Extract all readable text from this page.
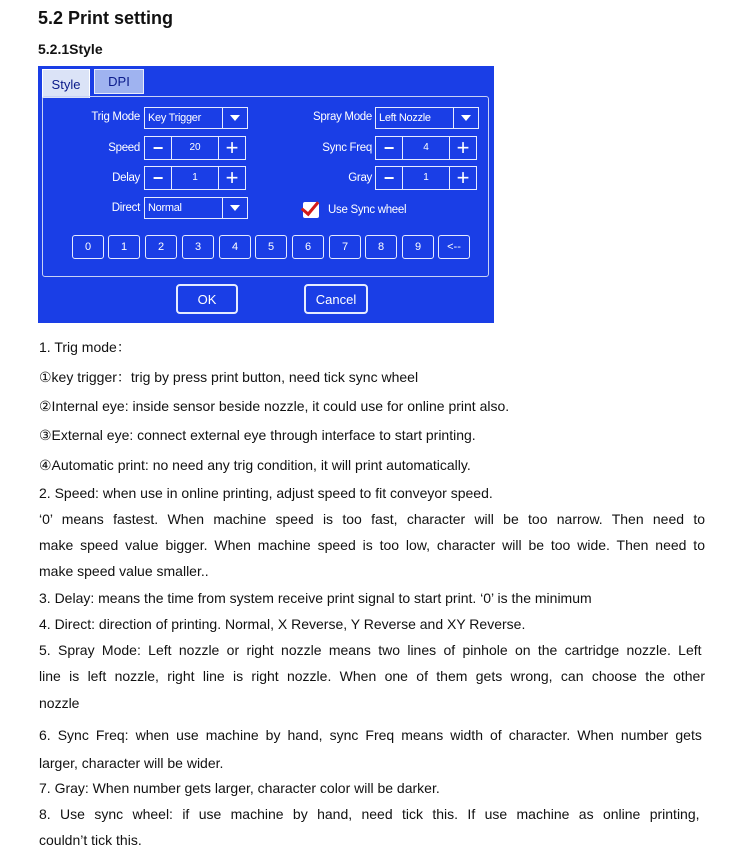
5.2 Print setting
5.2.1Style
Style	DPI
Trig Mode Key Trigger	Spray Mode Left Nozzle
Speed −	20	+	Sync Freq −	4	+
Delay −	1	+	Gray −	1	+
Direct Normal	Use Sync wheel
0	1	2	3	4	5	6	7	8	9	<--
OK	Cancel
1. Trig mode：
①key trigger：trig by press print button, need tick sync wheel
②Internal eye: inside sensor beside nozzle, it could use for online print also.
③External eye: connect external eye through interface to start printing.
④Automatic print: no need any trig condition, it will print automatically.
2. Speed: when use in online printing, adjust speed to fit conveyor speed.
‘0’ means fastest. When machine speed is too fast, character will be too narrow. Then need to
make speed value bigger. When machine speed is too low, character will be too wide. Then need to
make speed value smaller..
3. Delay: means the time from system receive print signal to start print. ‘0’ is the minimum
4. Direct: direction of printing. Normal, X Reverse, Y Reverse and XY Reverse.
5. Spray Mode: Left nozzle or right nozzle means two lines of pinhole on the cartridge nozzle. Left
line is left nozzle, right line is right nozzle. When one of them gets wrong, can choose the other
nozzle
6. Sync Freq: when use machine by hand, sync Freq means width of character. When number gets
larger, character will be wider.
7. Gray: When number gets larger, character color will be darker.
8. Use sync wheel: if use machine by hand, need tick this. If use machine as online printing,
couldn’t tick this.
